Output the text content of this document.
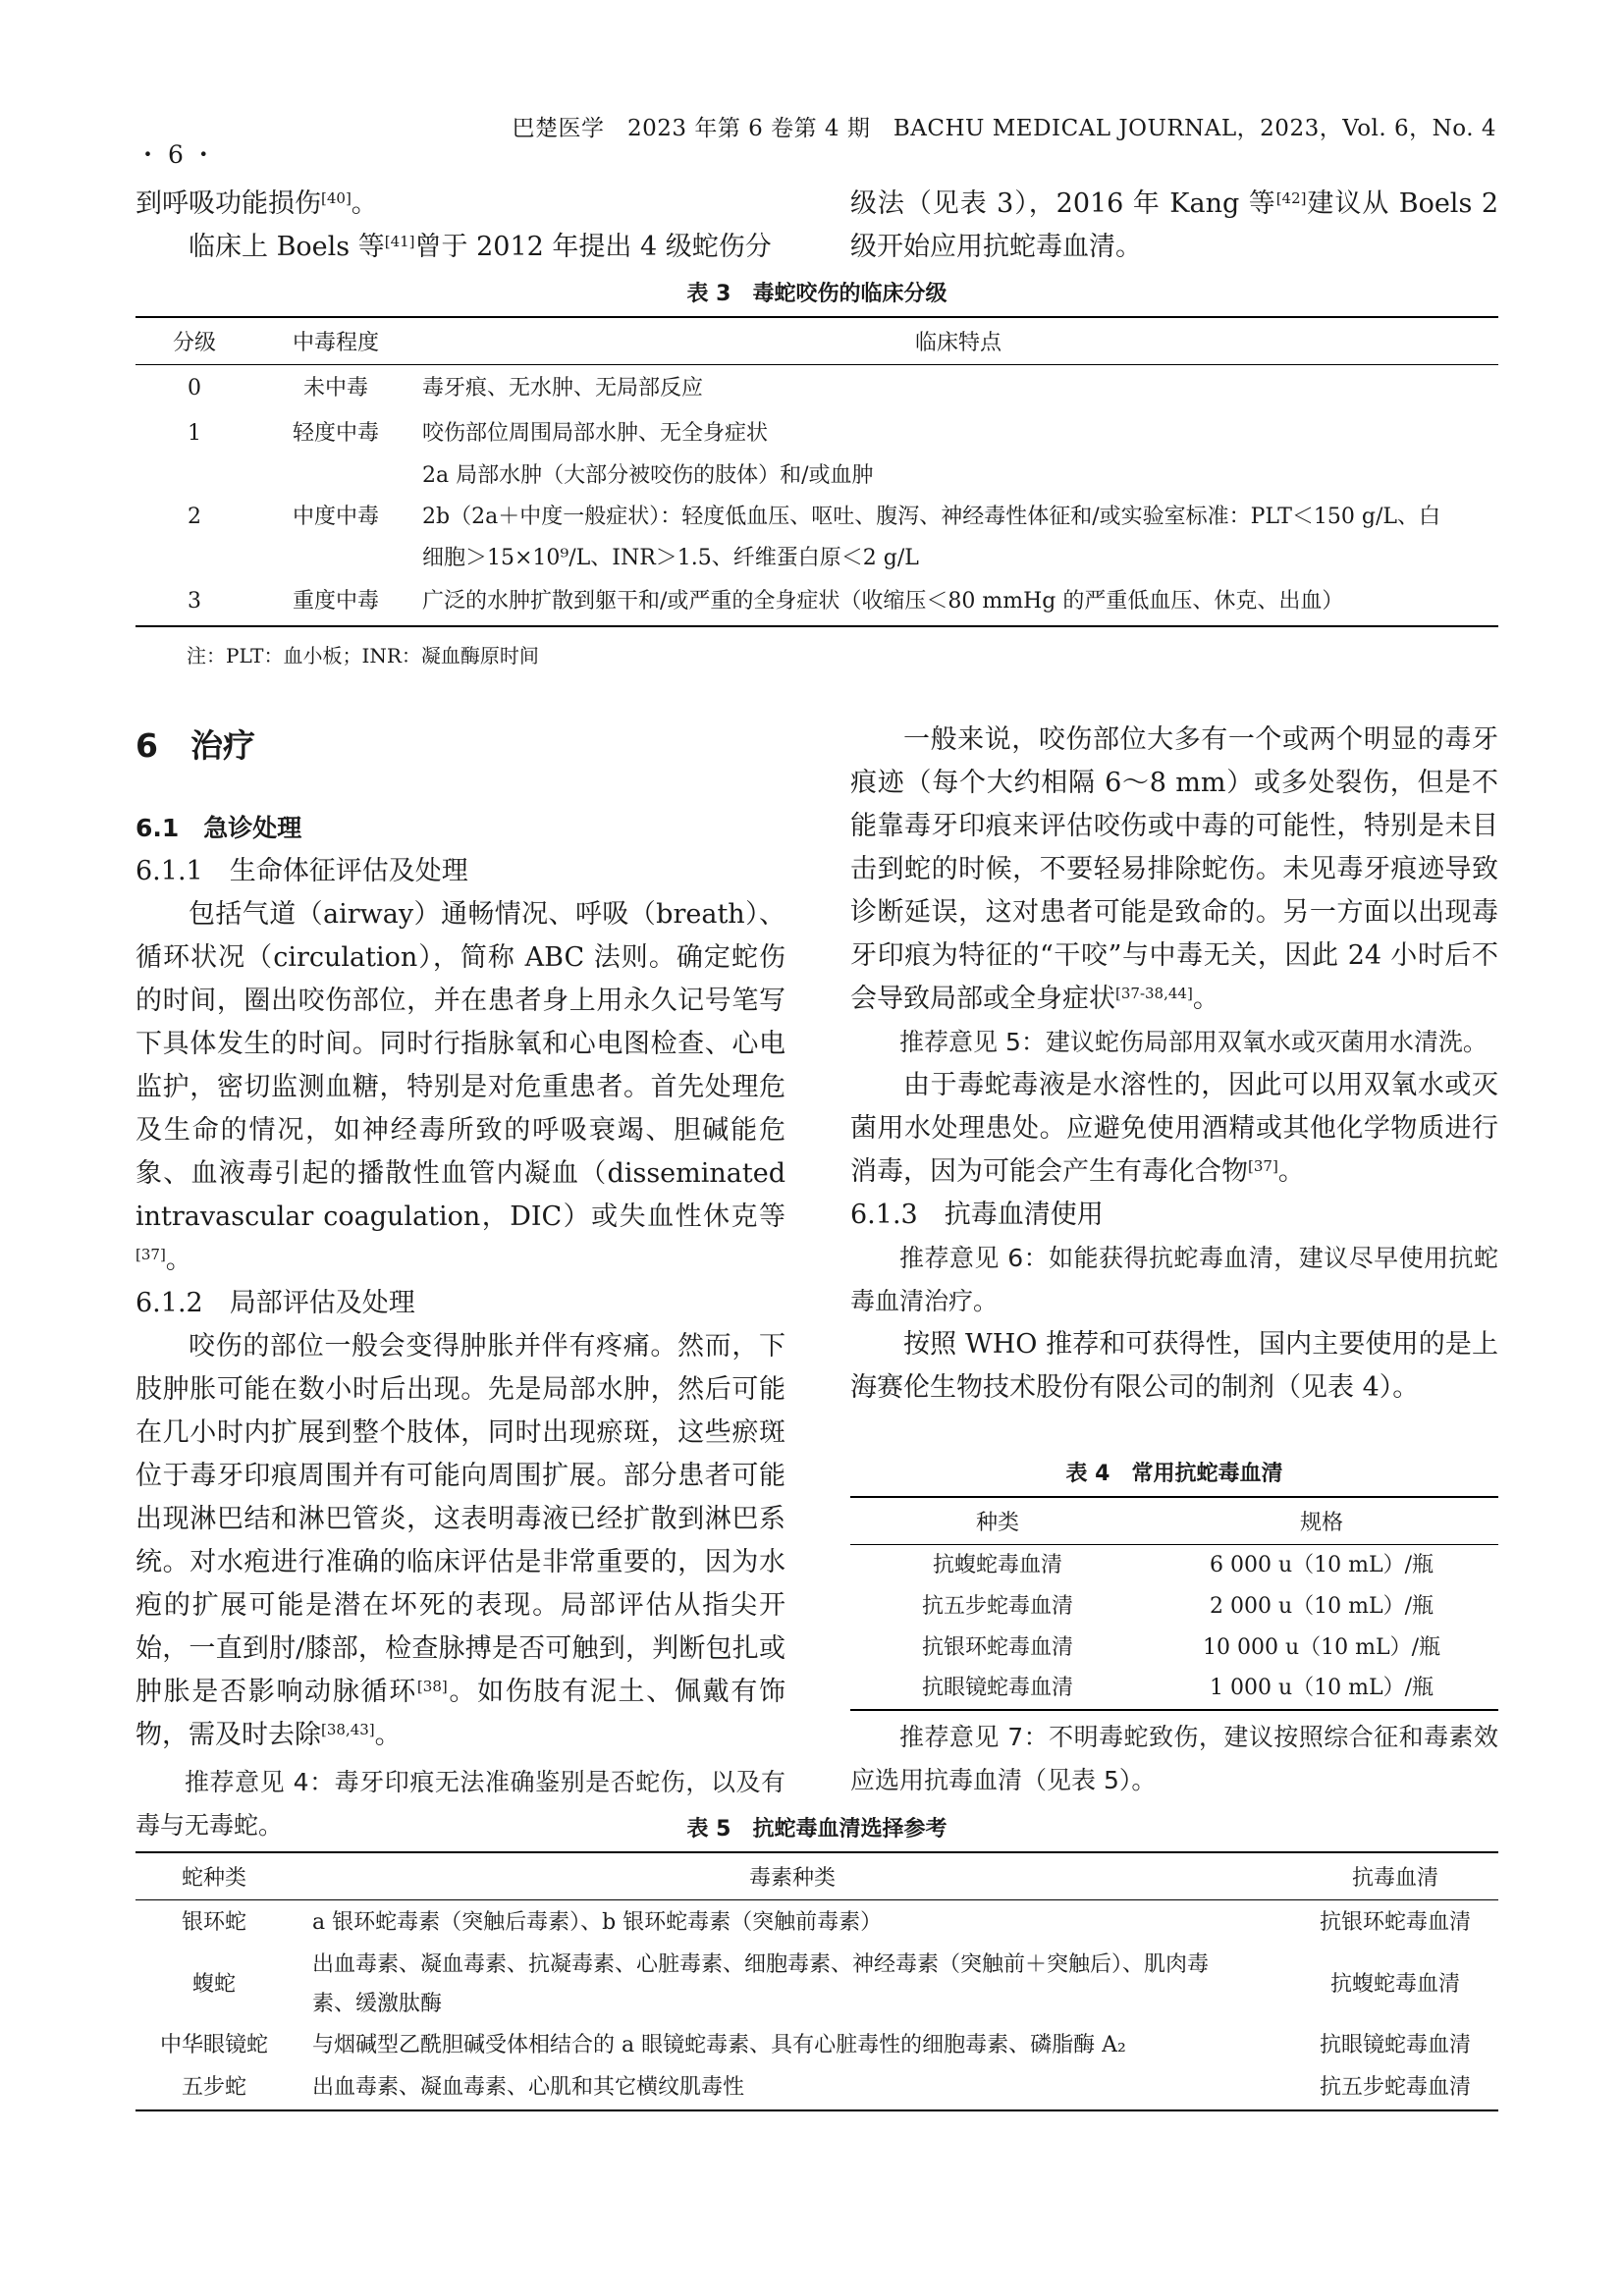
巴楚医学　2023 年第 6 卷第 4 期　BACHU MEDICAL JOURNAL，2023，Vol. 6，No. 4
・ 6 ・

到呼吸功能损伤[40]。

临床上 Boels 等[41]曾于 2012 年提出 4 级蛇伤分

级法（见表 3），2016 年 Kang 等[42]建议从 Boels 2 级开始应用抗蛇毒血清。

表 3　毒蛇咬伤的临床分级
分级	中毒程度	临床特点
0	未中毒	毒牙痕、无水肿、无局部反应
1	轻度中毒	咬伤部位周围局部水肿、无全身症状
2	中度中毒	2a 局部水肿（大部分被咬伤的肢体）和/或血肿
2b（2a＋中度一般症状）：轻度低血压、呕吐、腹泻、神经毒性体征和/或实验室标准：PLT＜150 g/L、白
细胞＞15×10⁹/L、INR＞1.5、纤维蛋白原＜2 g/L

3	重度中毒	广泛的水肿扩散到躯干和/或严重的全身症状（收缩压＜80 mmHg 的严重低血压、休克、出血）
注：PLT：血小板；INR：凝血酶原时间
6　治疗
6.1　急诊处理
6.1.1　生命体征评估及处理

包括气道（airway）通畅情况、呼吸（breath）、循环状况（circulation），简称 ABC 法则。确定蛇伤的时间，圈出咬伤部位，并在患者身上用永久记号笔写下具体发生的时间。同时行指脉氧和心电图检查、心电监护，密切监测血糖，特别是对危重患者。首先处理危及生命的情况，如神经毒所致的呼吸衰竭、胆碱能危象、血液毒引起的播散性血管内凝血（disseminated intravascular coagulation，DIC）或失血性休克等[37]。

6.1.2　局部评估及处理

咬伤的部位一般会变得肿胀并伴有疼痛。然而，下肢肿胀可能在数小时后出现。先是局部水肿，然后可能在几小时内扩展到整个肢体，同时出现瘀斑，这些瘀斑位于毒牙印痕周围并有可能向周围扩展。部分患者可能出现淋巴结和淋巴管炎，这表明毒液已经扩散到淋巴系统。对水疱进行准确的临床评估是非常重要的，因为水疱的扩展可能是潜在坏死的表现。局部评估从指尖开始，一直到肘/膝部，检查脉搏是否可触到，判断包扎或肿胀是否影响动脉循环[38]。如伤肢有泥土、佩戴有饰物，需及时去除[38,43]。

推荐意见 4：毒牙印痕无法准确鉴别是否蛇伤，以及有毒与无毒蛇。

一般来说，咬伤部位大多有一个或两个明显的毒牙痕迹（每个大约相隔 6～8 mm）或多处裂伤，但是不能靠毒牙印痕来评估咬伤或中毒的可能性，特别是未目击到蛇的时候，不要轻易排除蛇伤。未见毒牙痕迹导致诊断延误，这对患者可能是致命的。另一方面以出现毒牙印痕为特征的“干咬”与中毒无关，因此 24 小时后不会导致局部或全身症状[37-38,44]。

推荐意见 5：建议蛇伤局部用双氧水或灭菌用水清洗。

由于毒蛇毒液是水溶性的，因此可以用双氧水或灭菌用水处理患处。应避免使用酒精或其他化学物质进行消毒，因为可能会产生有毒化合物[37]。

6.1.3　抗毒血清使用

推荐意见 6：如能获得抗蛇毒血清，建议尽早使用抗蛇毒血清治疗。

按照 WHO 推荐和可获得性，国内主要使用的是上海赛伦生物技术股份有限公司的制剂（见表 4）。

表 4　常用抗蛇毒血清
种类	规格
抗蝮蛇毒血清	6 000 u（10 mL）/瓶
抗五步蛇毒血清	2 000 u（10 mL）/瓶
抗银环蛇毒血清	10 000 u（10 mL）/瓶
抗眼镜蛇毒血清	1 000 u（10 mL）/瓶

推荐意见 7：不明毒蛇致伤，建议按照综合征和毒素效应选用抗毒血清（见表 5）。

表 5　抗蛇毒血清选择参考
蛇种类	毒素种类	抗毒血清
银环蛇	a 银环蛇毒素（突触后毒素）、b 银环蛇毒素（突触前毒素）	抗银环蛇毒血清
蝮蛇	出血毒素、凝血毒素、抗凝毒素、心脏毒素、细胞毒素、神经毒素（突触前＋突触后）、肌肉毒
素、缓激肽酶	抗蝮蛇毒血清
中华眼镜蛇	与烟碱型乙酰胆碱受体相结合的 a 眼镜蛇毒素、具有心脏毒性的细胞毒素、磷脂酶 A₂	抗眼镜蛇毒血清
五步蛇	出血毒素、凝血毒素、心肌和其它横纹肌毒性	抗五步蛇毒血清
